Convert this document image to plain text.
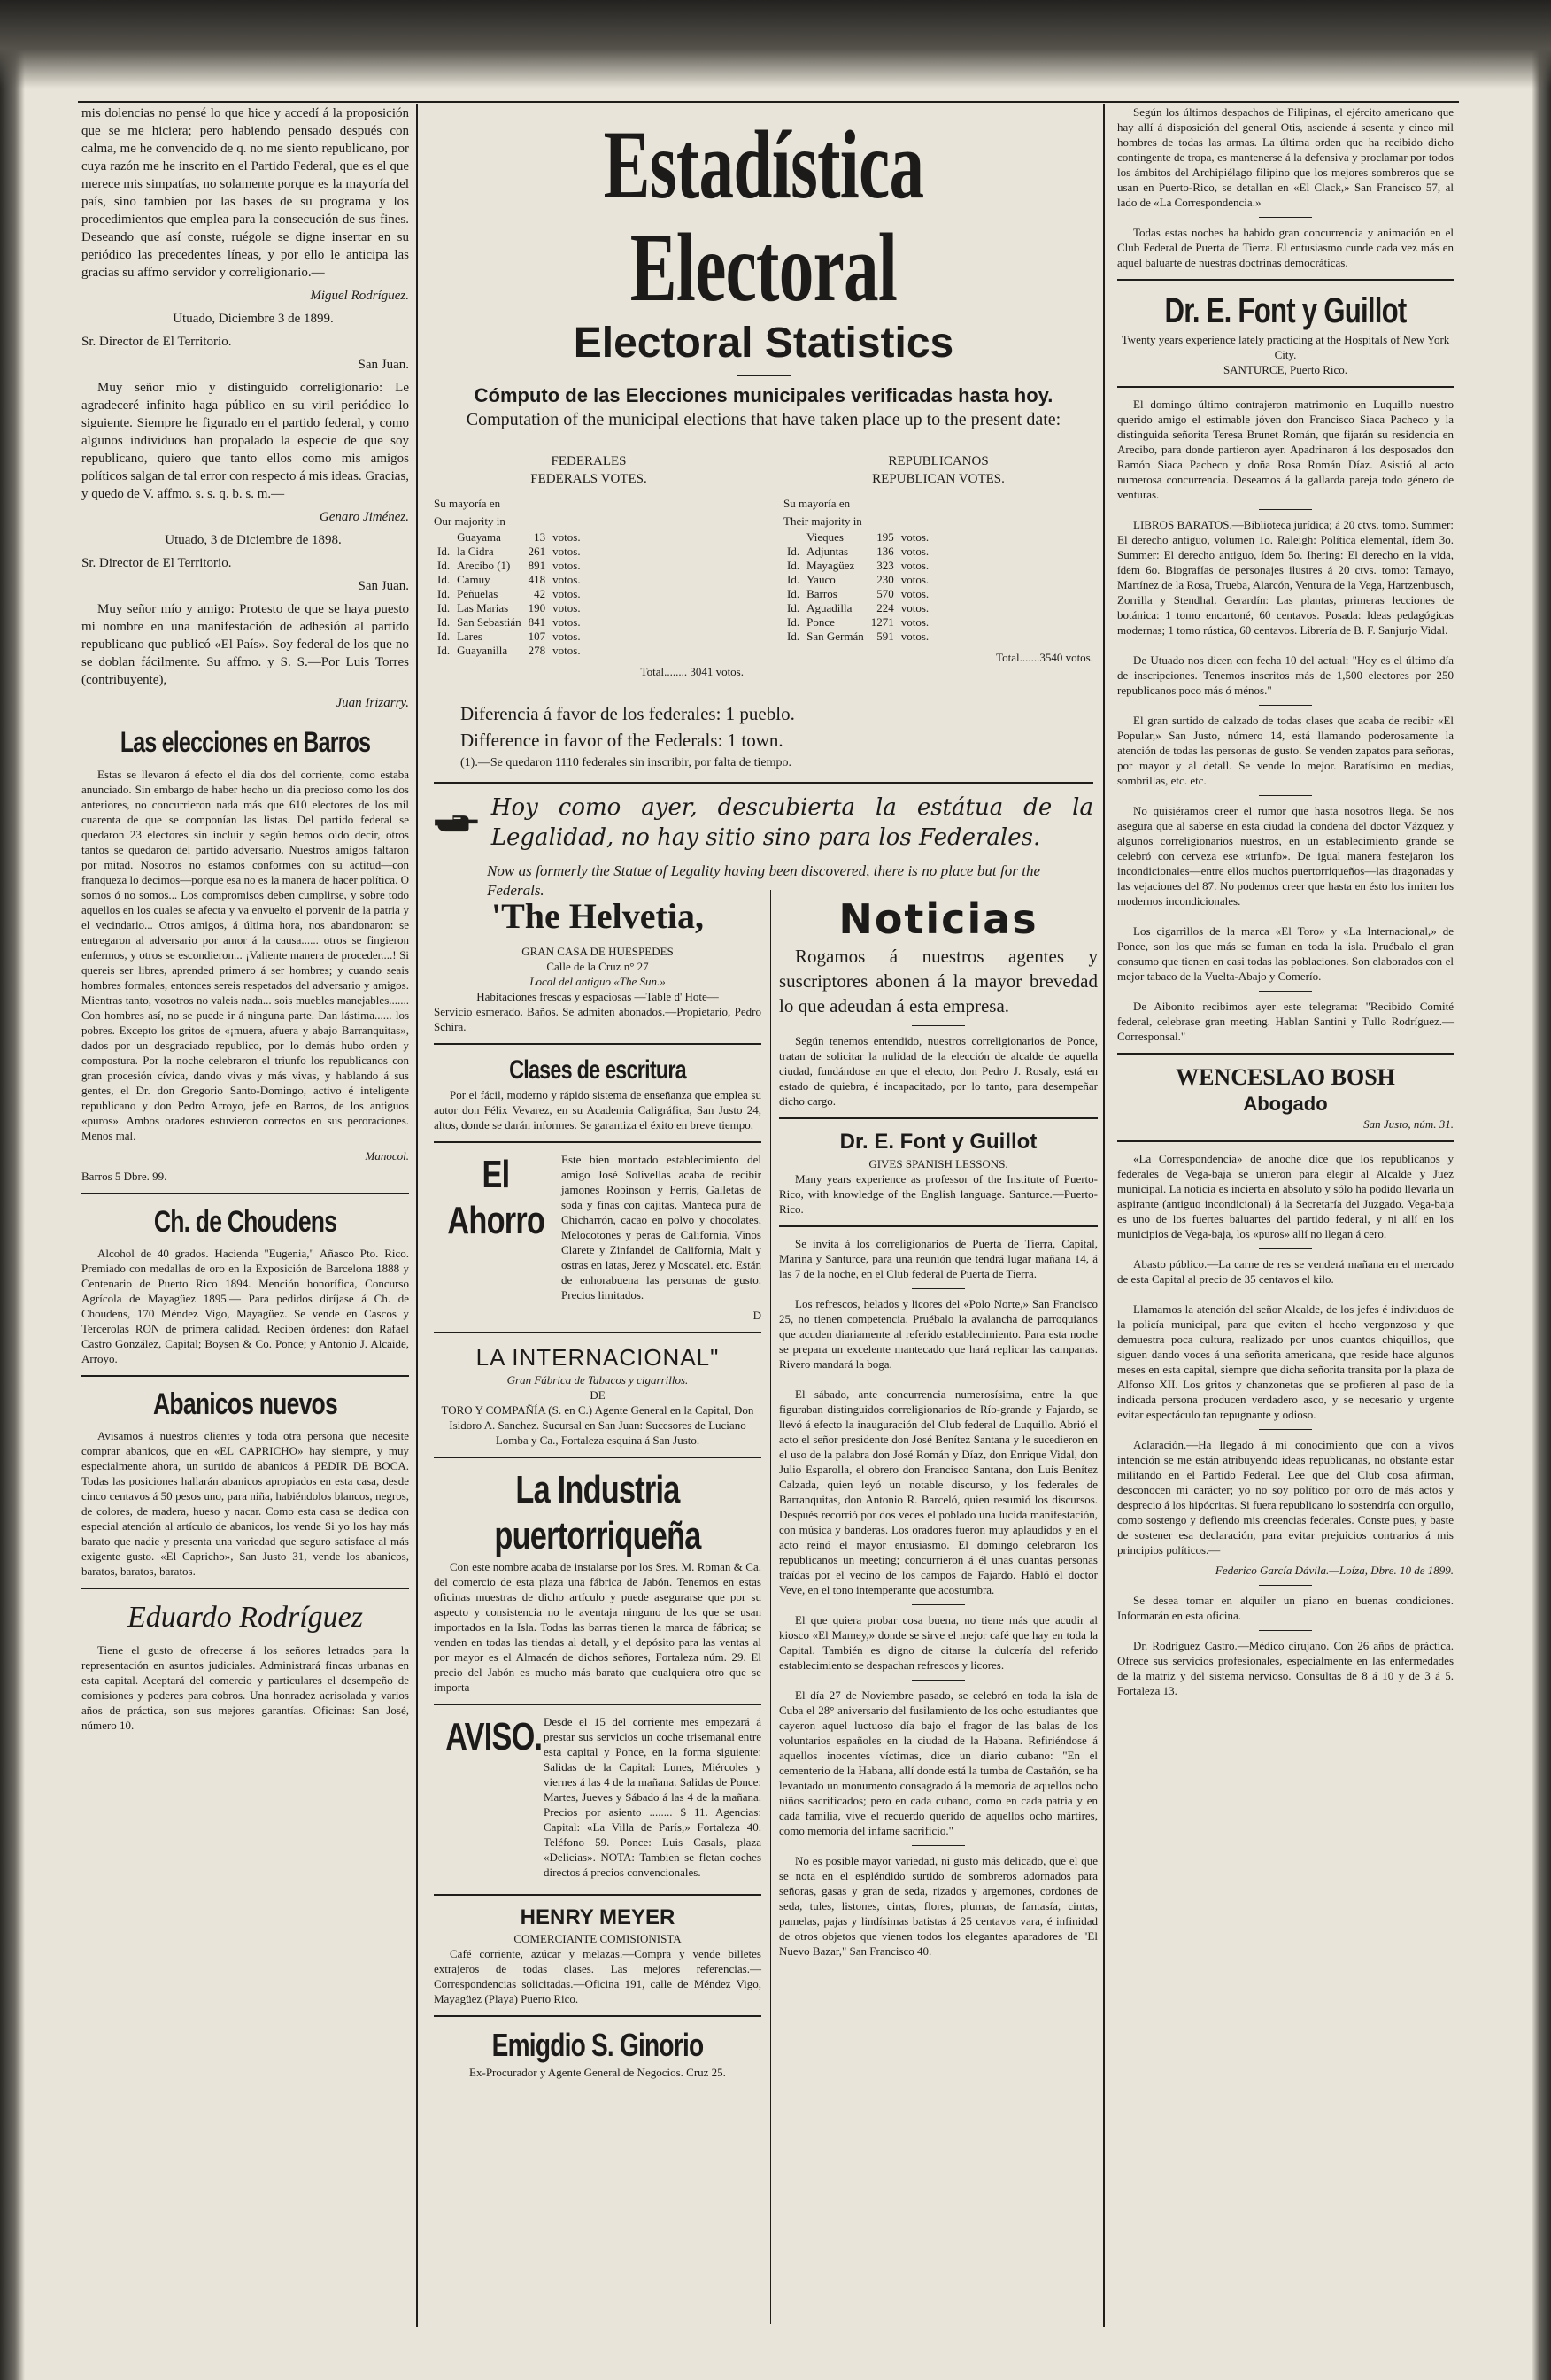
mis dolencias no pensé lo que hice y accedí á la proposición que se me hiciera; pero habiendo pensado después con calma, me he convencido de q. no me siento republicano, por cuya razón me he inscrito en el Partido Federal, que es el que merece mis simpatías, no solamente porque es la mayoría del país, sino tambien por las bases de su programa y los procedimientos que emplea para la consecución de sus fines. Deseando que así conste, ruégole se digne insertar en su periódico las precedentes líneas, y por ello le anticipa las gracias su affmo servidor y correligionario.—

Miguel Rodríguez.

Utuado, Diciembre 3 de 1899.

Sr. Director de El Territorio.

San Juan.

Muy señor mío y distinguido correligionario: Le agradeceré infinito haga público en su viril periódico lo siguiente. Siempre he figurado en el partido federal, y como algunos individuos han propalado la especie de que soy republicano, quiero que tanto ellos como mis amigos políticos salgan de tal error con respecto á mis ideas. Gracias, y quedo de V. affmo. s. s. q. b. s. m.—

Genaro Jiménez.

Utuado, 3 de Diciembre de 1898.

Sr. Director de El Territorio.

San Juan.

Muy señor mío y amigo: Protesto de que se haya puesto mi nombre en una manifestación de adhesión al partido republicano que publicó «El País». Soy federal de los que no se doblan fácilmente. Su affmo. y S. S.—Por Luis Torres (contribuyente),

Juan Irizarry.

Las elecciones en Barros

Estas se llevaron á efecto el dia dos del corriente, como estaba anunciado. Sin embargo de haber hecho un dia precioso como los dos anteriores, no concurrieron nada más que 610 electores de los mil cuarenta de que se componían las listas. Del partido federal se quedaron 23 electores sin incluir y según hemos oido decir, otros tantos se quedaron del partido adversario. Nuestros amigos faltaron por mitad. Nosotros no estamos conformes con su actitud—con franqueza lo decimos—porque esa no es la manera de hacer política. O somos ó no somos... Los compromisos deben cumplirse, y sobre todo aquellos en los cuales se afecta y va envuelto el porvenir de la patria y el vecindario... Otros amigos, á última hora, nos abandonaron: se entregaron al adversario por amor á la causa...... otros se fingieron enfermos, y otros se escondieron... ¡Valiente manera de proceder....! Si quereis ser libres, aprended primero á ser hombres; y cuando seais hombres formales, entonces sereis respetados del adversario y amigos. Mientras tanto, vosotros no valeis nada... sois muebles manejables....... Con hombres así, no se puede ir á ninguna parte. Dan lástima...... los pobres. Excepto los gritos de «¡muera, afuera y abajo Barranquitas», dados por un desgraciado republico, por lo demás hubo orden y compostura. Por la noche celebraron el triunfo los republicanos con gran procesión cívica, dando vivas y más vivas, y hablando á sus gentes, el Dr. don Gregorio Santo-Domingo, activo é inteligente republicano y don Pedro Arroyo, jefe en Barros, de los antiguos «puros». Ambos oradores estuvieron correctos en sus peroraciones. Menos mal.

Manocol.

Barros 5 Dbre. 99.

Ch. de Choudens

Alcohol de 40 grados. Hacienda "Eugenia," Añasco Pto. Rico. Premiado con medallas de oro en la Exposición de Barcelona 1888 y Centenario de Puerto Rico 1894. Mención honorífica, Concurso Agrícola de Mayagüez 1895.— Para pedidos diríjase á Ch. de Choudens, 170 Méndez Vigo, Mayagüez. Se vende en Cascos y Tercerolas RON de primera calidad. Reciben órdenes: don Rafael Castro González, Capital; Boysen & Co. Ponce; y Antonio J. Alcaide, Arroyo.

Abanicos nuevos

Avisamos á nuestros clientes y toda otra persona que necesite comprar abanicos, que en «EL CAPRICHO» hay siempre, y muy especialmente ahora, un surtido de abanicos á PEDIR DE BOCA. Todas las posiciones hallarán abanicos apropiados en esta casa, desde cinco centavos á 50 pesos uno, para niña, habiéndolos blancos, negros, de colores, de madera, hueso y nacar. Como esta casa se dedica con especial atención al artículo de abanicos, los vende Si yo los hay más barato que nadie y presenta una variedad que seguro satisface al más exigente gusto. «El Capricho», San Justo 31, vende los abanicos, baratos, baratos, baratos.

Eduardo Rodríguez

Tiene el gusto de ofrecerse á los señores letrados para la representación en asuntos judiciales. Administrará fincas urbanas en esta capital. Aceptará del comercio y particulares el desempeño de comisiones y poderes para cobros. Una honradez acrisolada y varios años de práctica, son sus mejores garantías. Oficinas: San José, número 10.

Estadística Electoral
Electoral Statistics
Cómputo de las Elecciones municipales verificadas hasta hoy.
Computation of the municipal elections that have taken place up to the present date:
FEDERALES
FEDERALS VOTES.
Su mayoría en
Our majority in
	Guayama	13	votos.
Id.	la Cidra	261	votos.
Id.	Arecibo (1)	891	votos.
Id.	Camuy	418	votos.
Id.	Peñuelas	42	votos.
Id.	Las Marias	190	votos.
Id.	San Sebastián	841	votos.
Id.	Lares	107	votos.
Id.	Guayanilla	278	votos.
Total........ 3041 votos.
REPUBLICANOS
REPUBLICAN VOTES.
Su mayoría en
Their majority in
	Vieques	195	votos.
Id.	Adjuntas	136	votos.
Id.	Mayagüez	323	votos.
Id.	Yauco	230	votos.
Id.	Barros	570	votos.
Id.	Aguadilla	224	votos.
Id.	Ponce	1271	votos.
Id.	San Germán	591	votos.
Total.......3540 votos.
Diferencia á favor de los federales: 1 pueblo.
Difference in favor of the Federals: 1 town.
(1).—Se quedaron 1110 federales sin inscribir, por falta de tiempo.
Hoy como ayer, descubierta la estátua de la Legalidad, no hay sitio sino para los Federales.
Now as formerly the Statue of Legality having been discovered, there is no place but for the Federals.
'The Helvetia,
GRAN CASA DE HUESPEDES
Calle de la Cruz n° 27
Local del antiguo «The Sun.»
Habitaciones frescas y espaciosas —Table d' Hote—

Servicio esmerado. Baños. Se admiten abonados.—Propietario, Pedro Schira.

Clases de escritura

Por el fácil, moderno y rápido sistema de enseñanza que emplea su autor don Félix Vevarez, en su Academia Caligráfica, San Justo 24, altos, donde se darán informes. Se garantiza el éxito en breve tiempo.

El Ahorro

Este bien montado establecimiento del amigo José Solivellas acaba de recibir jamones Robinson y Ferris, Galletas de soda y finas con cajitas, Manteca pura de Chicharrón, cacao en polvo y chocolates, Melocotones y peras de California, Vinos Clarete y Zinfandel de California, Malt y ostras en latas, Jerez y Moscatel. etc. Están de enhorabuena las personas de gusto. Precios limitados.

D
LA INTERNACIONAL"
Gran Fábrica de Tabacos y cigarrillos.
DE

TORO Y COMPAÑÍA (S. en C.) Agente General en la Capital, Don Isidoro A. Sanchez. Sucursal en San Juan: Sucesores de Luciano Lomba y Ca., Fortaleza esquina á San Justo.

La Industria puertorriqueña

Con este nombre acaba de instalarse por los Sres. M. Roman & Ca. del comercio de esta plaza una fábrica de Jabón. Tenemos en estas oficinas muestras de dicho artículo y puede asegurarse que por su aspecto y consistencia no le aventaja ninguno de los que se usan importados en la Isla. Todas las barras tienen la marca de fábrica; se venden en todas las tiendas al detall, y el depósito para las ventas al por mayor es el Almacén de dichos señores, Fortaleza núm. 29. El precio del Jabón es mucho más barato que cualquiera otro que se importa

AVISO. Desde el 15 del corriente mes empezará á prestar sus servicios un coche trisemanal entre esta capital y Ponce, en la forma siguiente: Salidas de la Capital: Lunes, Miércoles y viernes á las 4 de la mañana. Salidas de Ponce: Martes, Jueves y Sábado á las 4 de la mañana. Precios por asiento ........ $ 11. Agencias: Capital: «La Villa de París,» Fortaleza 40. Teléfono 59. Ponce: Luis Casals, plaza «Delicias». NOTA: Tambien se fletan coches directos á precios convencionales.

HENRY MEYER
COMERCIANTE COMISIONISTA

Café corriente, azúcar y melazas.—Compra y vende billetes extrajeros de todas clases. Las mejores referencias.—Correspondencias solicitadas.—Oficina 191, calle de Méndez Vigo, Mayagüez (Playa) Puerto Rico.

Emigdio S. Ginorio

Ex-Procurador y Agente General de Negocios. Cruz 25.

Noticias

Rogamos á nuestros agentes y suscriptores abonen á la mayor brevedad lo que adeudan á esta empresa.

Según tenemos entendido, nuestros correligionarios de Ponce, tratan de solicitar la nulidad de la elección de alcalde de aquella ciudad, fundándose en que el electo, don Pedro J. Rosaly, está en estado de quiebra, é incapacitado, por lo tanto, para desempeñar dicho cargo.

Dr. E. Font y Guillot
GIVES SPANISH LESSONS.

Many years experience as professor of the Institute of Puerto-Rico, with knowledge of the English language. Santurce.—Puerto-Rico.

Se invita á los correligionarios de Puerta de Tierra, Capital, Marina y Santurce, para una reunión que tendrá lugar mañana 14, á las 7 de la noche, en el Club federal de Puerta de Tierra.

Los refrescos, helados y licores del «Polo Norte,» San Francisco 25, no tienen competencia. Pruébalo la avalancha de parroquianos que acuden diariamente al referido establecimiento. Para esta noche se prepara un excelente mantecado que hará replicar las campanas. Rivero mandará la boga.

El sábado, ante concurrencia numerosísima, entre la que figuraban distinguidos correligionarios de Río-grande y Fajardo, se llevó á efecto la inauguración del Club federal de Luquillo. Abrió el acto el señor presidente don José Benítez Santana y le sucedieron en el uso de la palabra don José Román y Díaz, don Enrique Vidal, don Julio Esparolla, el obrero don Francisco Santana, don Luis Benítez Calzada, quien leyó un notable discurso, y los federales de Barranquitas, don Antonio R. Barceló, quien resumió los discursos. Después recorrió por dos veces el poblado una lucida manifestación, con música y banderas. Los oradores fueron muy aplaudidos y en el acto reinó el mayor entusiasmo. El domingo celebraron los republicanos un meeting; concurrieron á él unas cuantas personas traídas por el vecino de los campos de Fajardo. Habló el doctor Veve, en el tono intemperante que acostumbra.

El que quiera probar cosa buena, no tiene más que acudir al kiosco «El Mamey,» donde se sirve el mejor café que hay en toda la Capital. También es digno de citarse la dulcería del referido establecimiento se despachan refrescos y licores.

El día 27 de Noviembre pasado, se celebró en toda la isla de Cuba el 28° aniversario del fusilamiento de los ocho estudiantes que cayeron aquel luctuoso día bajo el fragor de las balas de los voluntarios españoles en la ciudad de la Habana. Refiriéndose á aquellos inocentes víctimas, dice un diario cubano: "En el cementerio de la Habana, allí donde está la tumba de Castañón, se ha levantado un monumento consagrado á la memoria de aquellos ocho niños sacrificados; pero en cada cubano, como en cada patria y en cada familia, vive el recuerdo querido de aquellos ocho mártires, como memoria del infame sacrificio."

No es posible mayor variedad, ni gusto más delicado, que el que se nota en el espléndido surtido de sombreros adornados para señoras, gasas y gran de seda, rizados y argemones, cordones de seda, tules, listones, cintas, flores, plumas, de fantasía, cintas, pamelas, pajas y lindísimas batistas á 25 centavos vara, é infinidad de otros objetos que vienen todos los elegantes aparadores de "El Nuevo Bazar," San Francisco 40.

Según los últimos despachos de Filipinas, el ejército americano que hay allí á disposición del general Otis, asciende á sesenta y cinco mil hombres de todas las armas. La última orden que ha recibido dicho contingente de tropa, es mantenerse á la defensiva y proclamar por todos los ámbitos del Archipiélago filipino que los mejores sombreros que se usan en Puerto-Rico, se detallan en «El Clack,» San Francisco 57, al lado de «La Correspondencia.»

Todas estas noches ha habido gran concurrencia y animación en el Club Federal de Puerta de Tierra. El entusiasmo cunde cada vez más en aquel baluarte de nuestras doctrinas democráticas.

Dr. E. Font y Guillot
Twenty years experience lately practicing at the Hospitals of New York City.
SANTURCE, Puerto Rico.

El domingo último contrajeron matrimonio en Luquillo nuestro querido amigo el estimable jóven don Francisco Siaca Pacheco y la distinguida señorita Teresa Brunet Román, que fijarán su residencia en Arecibo, para donde partieron ayer. Apadrinaron á los desposados don Ramón Siaca Pacheco y doña Rosa Román Díaz. Asistió al acto numerosa concurrencia. Deseamos á la gallarda pareja todo género de venturas.

LIBROS BARATOS.—Biblioteca jurídica; á 20 ctvs. tomo. Summer: El derecho antiguo, volumen 1o. Raleigh: Política elemental, ídem 3o. Summer: El derecho antiguo, ídem 5o. Ihering: El derecho en la vida, ídem 6o. Biografías de personajes ilustres á 20 ctvs. tomo: Tamayo, Martínez de la Rosa, Trueba, Alarcón, Ventura de la Vega, Hartzenbusch, Zorrilla y Stendhal. Gerardín: Las plantas, primeras lecciones de botánica: 1 tomo encartoné, 60 centavos. Posada: Ideas pedagógicas modernas; 1 tomo rústica, 60 centavos. Librería de B. F. Sanjurjo Vidal.

De Utuado nos dicen con fecha 10 del actual: "Hoy es el último día de inscripciones. Tenemos inscritos más de 1,500 electores por 250 republicanos poco más ó ménos."

El gran surtido de calzado de todas clases que acaba de recibir «El Popular,» San Justo, número 14, está llamando poderosamente la atención de todas las personas de gusto. Se venden zapatos para señoras, por mayor y al detall. Se vende lo mejor. Baratísimo en medias, sombrillas, etc. etc.

No quisiéramos creer el rumor que hasta nosotros llega. Se nos asegura que al saberse en esta ciudad la condena del doctor Vázquez y algunos correligionarios nuestros, en un establecimiento grande se celebró con cerveza ese «triunfo». De igual manera festejaron los incondicionales—entre ellos muchos puertorriqueños—las dragonadas y las vejaciones del 87. No podemos creer que hasta en ésto los imiten los modernos incondicionales.

Los cigarrillos de la marca «El Toro» y «La Internacional,» de Ponce, son los que más se fuman en toda la isla. Pruébalo el gran consumo que tienen en casi todas las poblaciones. Son elaborados con el mejor tabaco de la Vuelta-Abajo y Comerío.

De Aibonito recibimos ayer este telegrama: "Recibido Comité federal, celebrase gran meeting. Hablan Santini y Tullo Rodríguez.— Corresponsal."

WENCESLAO BOSH
Abogado
San Justo, núm. 31.

«La Correspondencia» de anoche dice que los republicanos y federales de Vega-baja se unieron para elegir al Alcalde y Juez municipal. La noticia es incierta en absoluto y sólo ha podido llevarla un aspirante (antiguo incondicional) á la Secretaría del Juzgado. Vega-baja es uno de los fuertes baluartes del partido federal, y ni allí en los municipios de Vega-baja, los «puros» allí no llegan á cero.

Abasto público.—La carne de res se venderá mañana en el mercado de esta Capital al precio de 35 centavos el kilo.

Llamamos la atención del señor Alcalde, de los jefes é individuos de la policía municipal, para que eviten el hecho vergonzoso y que demuestra poca cultura, realizado por unos cuantos chiquillos, que siguen dando voces á una señorita americana, que reside hace algunos meses en esta capital, siempre que dicha señorita transita por la plaza de Alfonso XII. Los gritos y chanzonetas que se profieren al paso de la indicada persona producen verdadero asco, y se necesario y urgente evitar espectáculo tan repugnante y odioso.

Aclaración.—Ha llegado á mi conocimiento que con a vivos intención se me están atribuyendo ideas republicanas, no obstante estar militando en el Partido Federal. Lee que del Club cosa afirman, desconocen mi carácter; yo no soy político por otro de más actos y desprecio á los hipócritas. Si fuera republicano lo sostendría con orgullo, como sostengo y defiendo mis creencias federales. Conste pues, y baste de sostener esa declaración, para evitar prejuicios contrarios á mis principios políticos.—

Federico García Dávila.—Loíza, Dbre. 10 de 1899.

Se desea tomar en alquiler un piano en buenas condiciones. Informarán en esta oficina.

Dr. Rodríguez Castro.—Médico cirujano. Con 26 años de práctica. Ofrece sus servicios profesionales, especialmente en las enfermedades de la matriz y del sistema nervioso. Consultas de 8 á 10 y de 3 á 5. Fortaleza 13.
